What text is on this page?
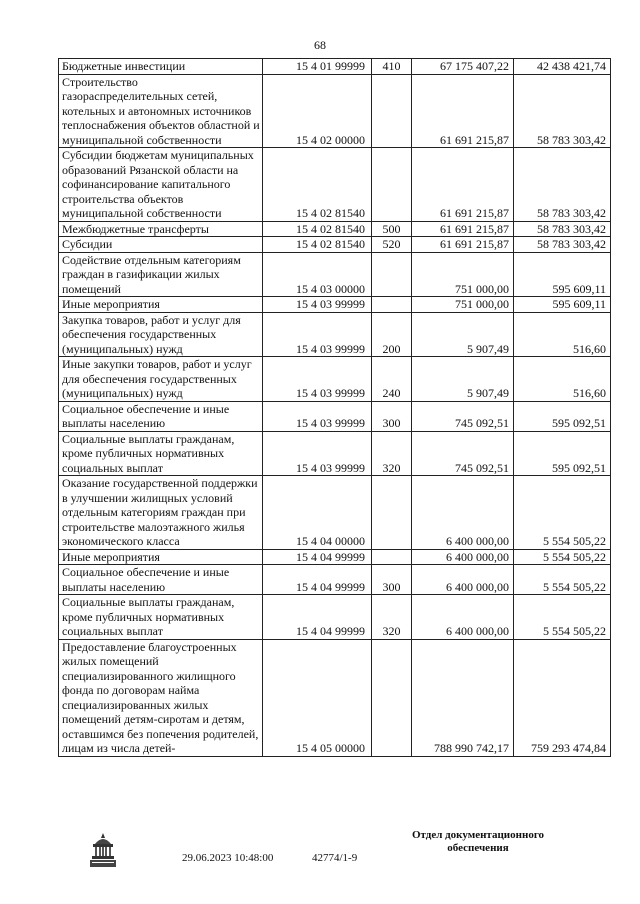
68
Бюджетные инвестиции	15 4 01 99999	410	67 175 407,22	42 438 421,74
Строительство газораспределительных сетей, котельных и автономных источников теплоснабжения объектов областной и муниципальной собственности	15 4 02 00000		61 691 215,87	58 783 303,42
Субсидии бюджетам муниципальных образований Рязанской области на софинансирование капитального строительства объектов муниципальной собственности	15 4 02 81540		61 691 215,87	58 783 303,42
Межбюджетные трансферты	15 4 02 81540	500	61 691 215,87	58 783 303,42
Субсидии	15 4 02 81540	520	61 691 215,87	58 783 303,42
Содействие отдельным категориям граждан в газификации жилых помещений	15 4 03 00000		751 000,00	595 609,11
Иные мероприятия	15 4 03 99999		751 000,00	595 609,11
Закупка товаров, работ и услуг для обеспечения государственных (муниципальных) нужд	15 4 03 99999	200	5 907,49	516,60
Иные закупки товаров, работ и услуг для обеспечения государственных (муниципальных) нужд	15 4 03 99999	240	5 907,49	516,60
Социальное обеспечение и иные выплаты населению	15 4 03 99999	300	745 092,51	595 092,51
Социальные выплаты гражданам, кроме публичных нормативных социальных выплат	15 4 03 99999	320	745 092,51	595 092,51
Оказание государственной поддержки в улучшении жилищных условий отдельным категориям граждан при строительстве малоэтажного жилья экономического класса	15 4 04 00000		6 400 000,00	5 554 505,22
Иные мероприятия	15 4 04 99999		6 400 000,00	5 554 505,22
Социальное обеспечение и иные выплаты населению	15 4 04 99999	300	6 400 000,00	5 554 505,22
Социальные выплаты гражданам, кроме публичных нормативных социальных выплат	15 4 04 99999	320	6 400 000,00	5 554 505,22
Предоставление благоустроенных жилых помещений специализированного жилищного фонда по договорам найма специализированных жилых помещений детям-сиротам и детям, оставшимся без попечения родителей, лицам из числа детей-	15 4 05 00000		788 990 742,17	759 293 474,84
29.06.2023 10:48:00	42774/1-9
Отдел документационного
обеспечения
